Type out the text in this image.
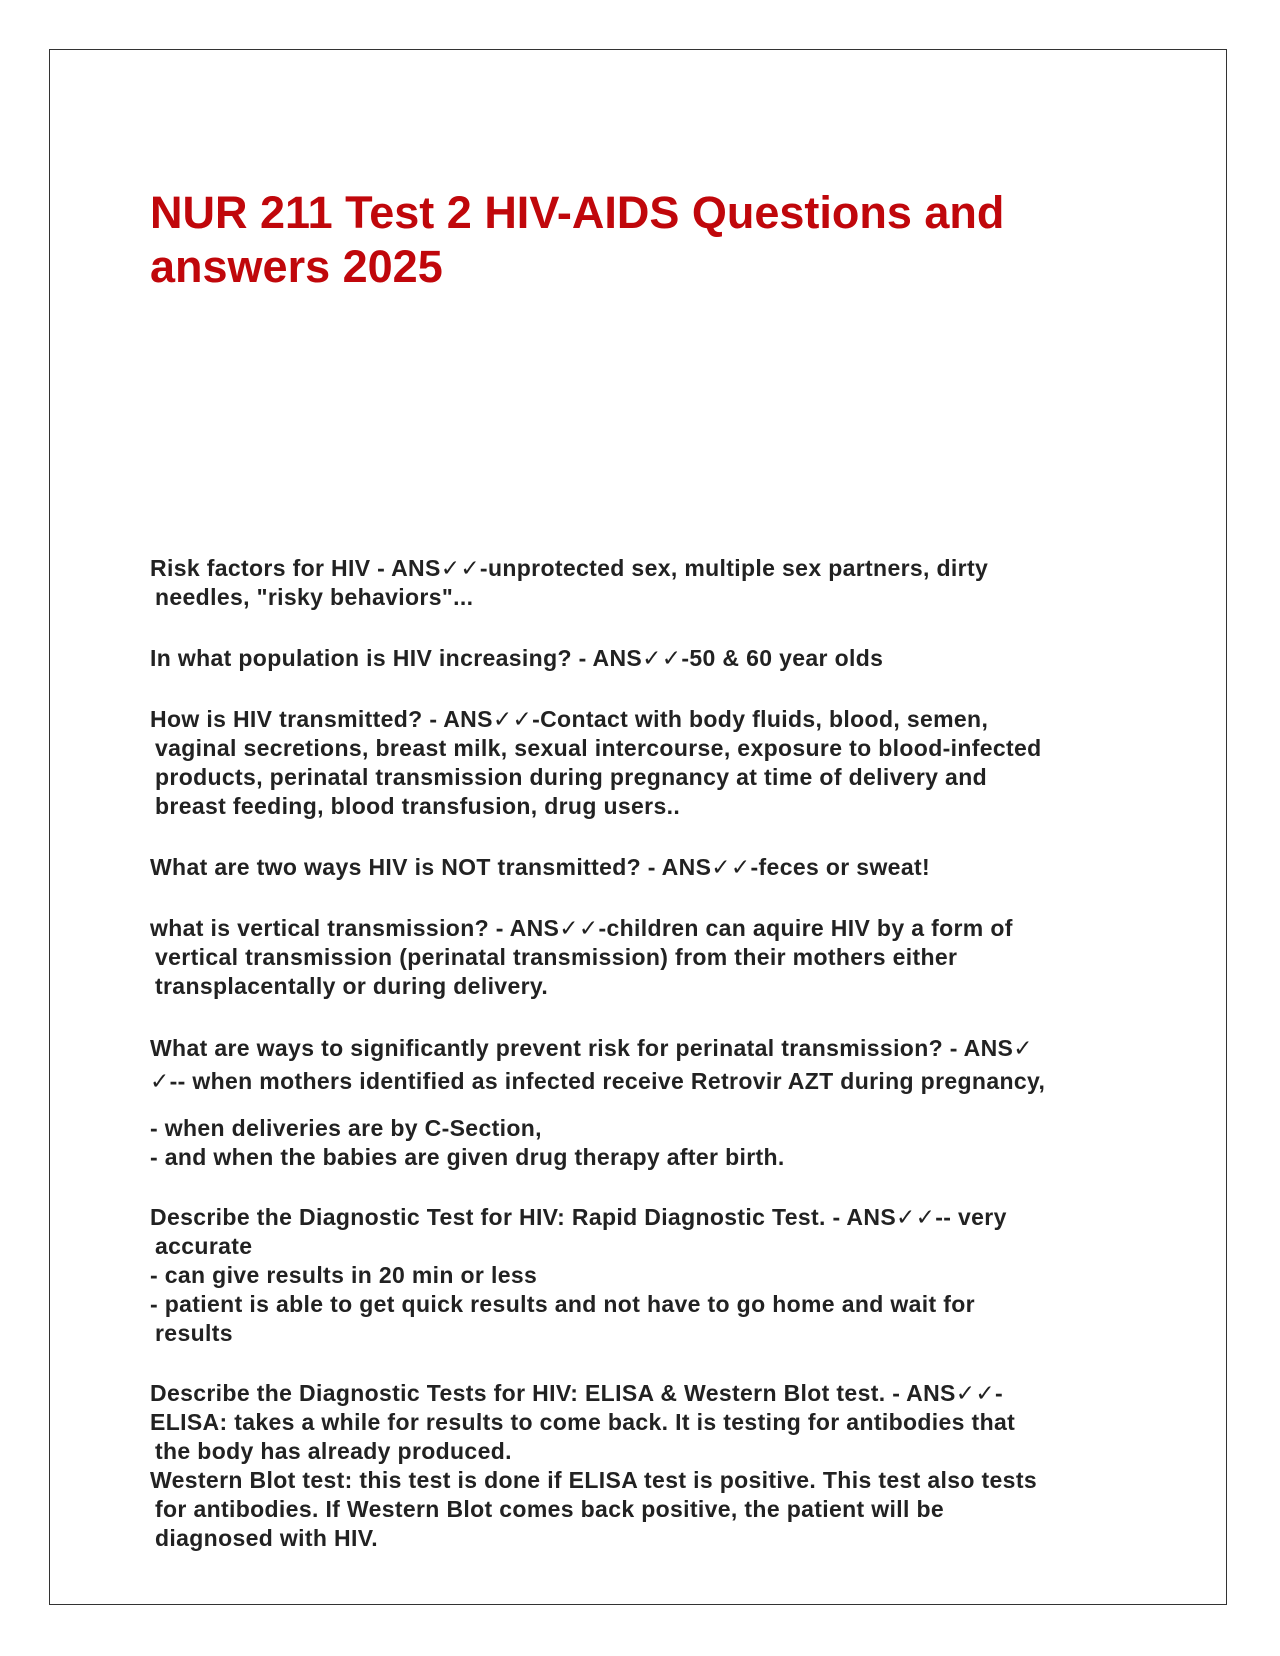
NUR 211 Test 2 HIV-AIDS Questions and
answers 2025
Risk factors for HIV - ANS✓✓-unprotected sex, multiple sex partners, dirty
needles, "risky behaviors"...
In what population is HIV increasing? - ANS✓✓-50 & 60 year olds
How is HIV transmitted? - ANS✓✓-Contact with body fluids, blood, semen,
vaginal secretions, breast milk, sexual intercourse, exposure to blood-infected
products, perinatal transmission during pregnancy at time of delivery and
breast feeding, blood transfusion, drug users..
What are two ways HIV is NOT transmitted? - ANS✓✓-feces or sweat!
what is vertical transmission? - ANS✓✓-children can aquire HIV by a form of
vertical transmission (perinatal transmission) from their mothers either
transplacentally or during delivery.
What are ways to significantly prevent risk for perinatal transmission? - ANS✓
✓-- when mothers identified as infected receive Retrovir AZT during pregnancy,
- when deliveries are by C-Section,
- and when the babies are given drug therapy after birth.
Describe the Diagnostic Test for HIV: Rapid Diagnostic Test. - ANS✓✓-- very
accurate
- can give results in 20 min or less
- patient is able to get quick results and not have to go home and wait for
results
Describe the Diagnostic Tests for HIV: ELISA & Western Blot test. - ANS✓✓-
ELISA: takes a while for results to come back. It is testing for antibodies that
the body has already produced.
Western Blot test: this test is done if ELISA test is positive. This test also tests
for antibodies. If Western Blot comes back positive, the patient will be
diagnosed with HIV.
